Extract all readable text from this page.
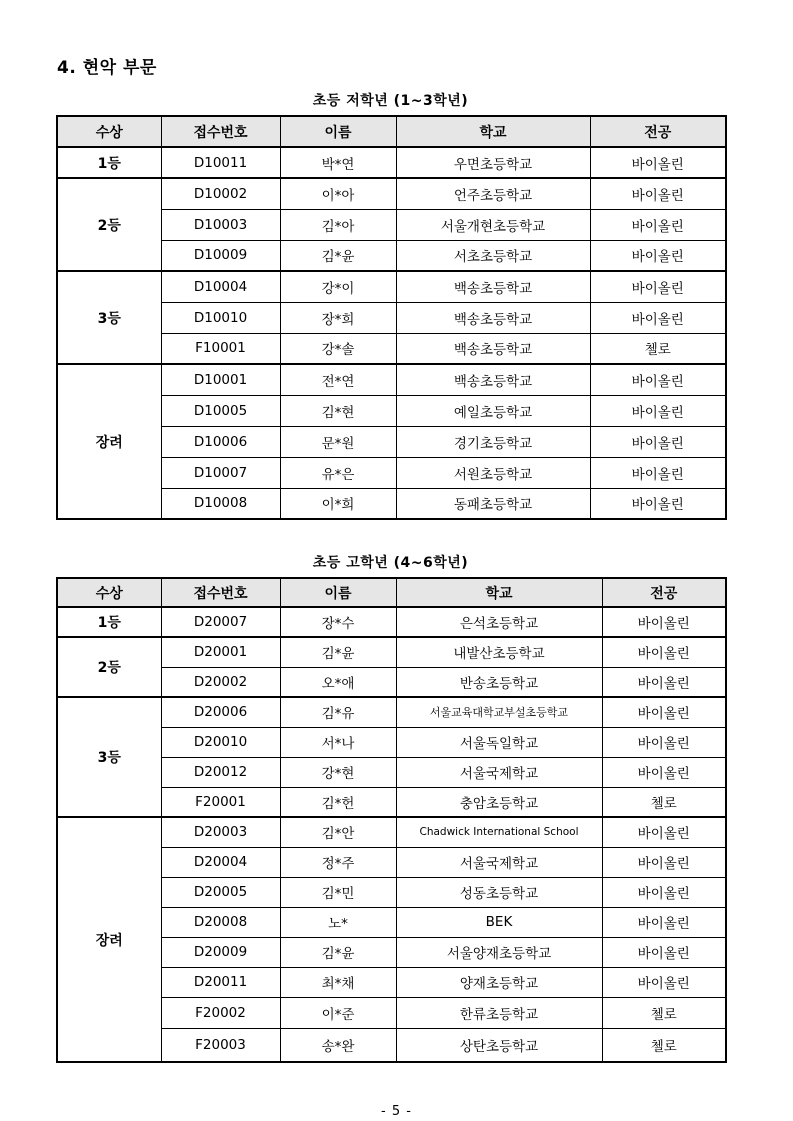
4. 현악 부문
초등 저학년 (1~3학년)
수상	접수번호	이름	학교	전공
1등	D10011	박*연	우면초등학교	바이올린
2등	D10002	이*아	언주초등학교	바이올린
	D10003	김*아	서울개현초등학교	바이올린
	D10009	김*윤	서초초등학교	바이올린
3등	D10004	강*이	백송초등학교	바이올린
	D10010	장*희	백송초등학교	바이올린
	F10001	강*솔	백송초등학교	첼로
장려	D10001	전*연	백송초등학교	바이올린
	D10005	김*현	예일초등학교	바이올린
	D10006	문*원	경기초등학교	바이올린
	D10007	유*은	서원초등학교	바이올린
	D10008	이*희	동패초등학교	바이올린
초등 고학년 (4~6학년)
수상	접수번호	이름	학교	전공
1등	D20007	장*수	은석초등학교	바이올린
2등	D20001	김*윤	내발산초등학교	바이올린
	D20002	오*애	반송초등학교	바이올린
3등	D20006	김*유	서울교육대학교부설초등학교	바이올린
	D20010	서*나	서울독일학교	바이올린
	D20012	강*현	서울국제학교	바이올린
	F20001	김*헌	충암초등학교	첼로
장려	D20003	김*안	Chadwick International School	바이올린
	D20004	정*주	서울국제학교	바이올린
	D20005	김*민	성동초등학교	바이올린
	D20008	노*	BEK	바이올린
	D20009	김*윤	서울양재초등학교	바이올린
	D20011	최*채	양재초등학교	바이올린
	F20002	이*준	한류초등학교	첼로
	F20003	송*완	상탄초등학교	첼로
- 5 -
